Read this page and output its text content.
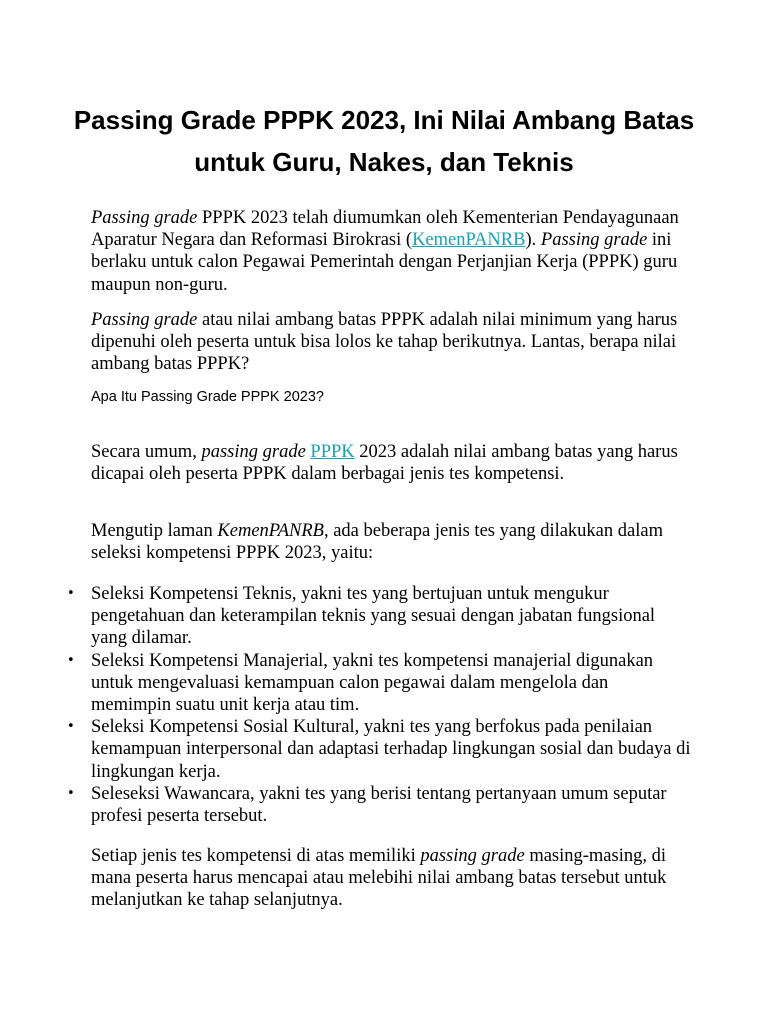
Passing Grade PPPK 2023, Ini Nilai Ambang Batas untuk Guru, Nakes, dan Teknis

Passing grade PPPK 2023 telah diumumkan oleh Kementerian Pendayagunaan Aparatur Negara dan Reformasi Birokrasi (KemenPANRB). Passing grade ini berlaku untuk calon Pegawai Pemerintah dengan Perjanjian Kerja (PPPK) guru maupun non-guru.

Passing grade atau nilai ambang batas PPPK adalah nilai minimum yang harus dipenuhi oleh peserta untuk bisa lolos ke tahap berikutnya. Lantas, berapa nilai ambang batas PPPK?

Apa Itu Passing Grade PPPK 2023?

Secara umum, passing grade PPPK 2023 adalah nilai ambang batas yang harus dicapai oleh peserta PPPK dalam berbagai jenis tes kompetensi.

Mengutip laman KemenPANRB, ada beberapa jenis tes yang dilakukan dalam seleksi kompetensi PPPK 2023, yaitu:

• Seleksi Kompetensi Teknis, yakni tes yang bertujuan untuk mengukur pengetahuan dan keterampilan teknis yang sesuai dengan jabatan fungsional yang dilamar.
• Seleksi Kompetensi Manajerial, yakni tes kompetensi manajerial digunakan untuk mengevaluasi kemampuan calon pegawai dalam mengelola dan memimpin suatu unit kerja atau tim.
• Seleksi Kompetensi Sosial Kultural, yakni tes yang berfokus pada penilaian kemampuan interpersonal dan adaptasi terhadap lingkungan sosial dan budaya di lingkungan kerja.
• Seleseksi Wawancara, yakni tes yang berisi tentang pertanyaan umum seputar profesi peserta tersebut.

Setiap jenis tes kompetensi di atas memiliki passing grade masing-masing, di mana peserta harus mencapai atau melebihi nilai ambang batas tersebut untuk melanjutkan ke tahap selanjutnya.
